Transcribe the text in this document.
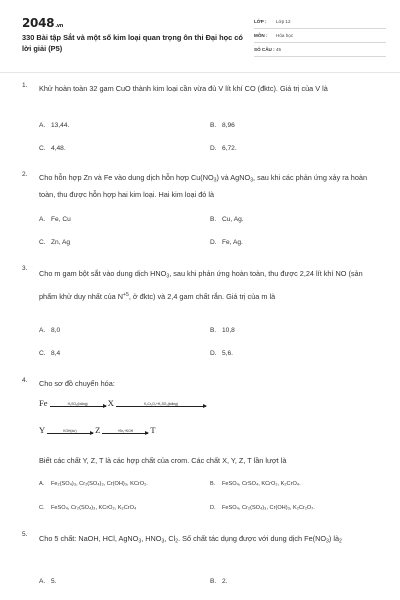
2048.vn
330 Bài tập Sắt và một số kim loại quan trọng ôn thi Đại học có lời giải (P5)
LỚP : Lớp 12
MÔN : Hóa học
SỐ CÂU : 45
1. Khử hoàn toàn 32 gam CuO thành kim loại cần vừa đủ V lít khí CO (đktc). Giá trị của V là
A. 13,44.	B. 8,96
C. 4,48.	D. 6,72.
2. Cho hỗn hợp Zn và Fe vào dung dịch hỗn hợp $Cu(NO_3)$ và AgNO$_3$, sau khi các phản ứng xảy ra hoàn toàn, thu được hỗn hợp hai kim loại. Hai kim loại đó là
A. Fe, Cu	B. Cu, Ag.
C. Zn, Ag	D. Fe, Ag.
3.
Cho m gam bột sắt vào dung dịch $HNO_3$, sau khi phản ứng hoàn toàn, thu được 2,24 lít khí NO (sản phẩm khử duy nhất của $N^{+5}$, ở đktc) và 2,4 gam chất rắn. Giá trị của m là
A. 8,0	B. 10,8
C. 8,4	D. 5,6.
4. Cho sơ đồ chuyển hóa:
Fe	H₂SO₄(loãng)	X	K₂Cr₂O₇+H₂SO₄(loãng)
Y	KOH(dư)	Z	+Br₂+KOH	T
Biết các chất Y, Z, T là các hợp chất của crom. Các chất X, Y, Z, T lần lượt là
A. Fe₂(SO₄)₃, Cr₂(SO₄)₃, Cr(OH)₃, KCrO₂.	B. FeSO₄, CrSO₄, KCrO₂, K₂CrO₄.
C. FeSO₄, Cr₂(SO₄)₃, KCrO₂, K₂CrO₄	D. FeSO₄, Cr₂(SO₄)₃, Cr(OH)₃, K₂Cr₂O₇.
5. Cho 5 chất: NaOH, HCl, AgNO$_3$, $HNO_3$, $Cl_2$. Số chất tác dụng được với dung dịch $Fe(NO_3)$ $là_2$
A. 5.	B. 2.
